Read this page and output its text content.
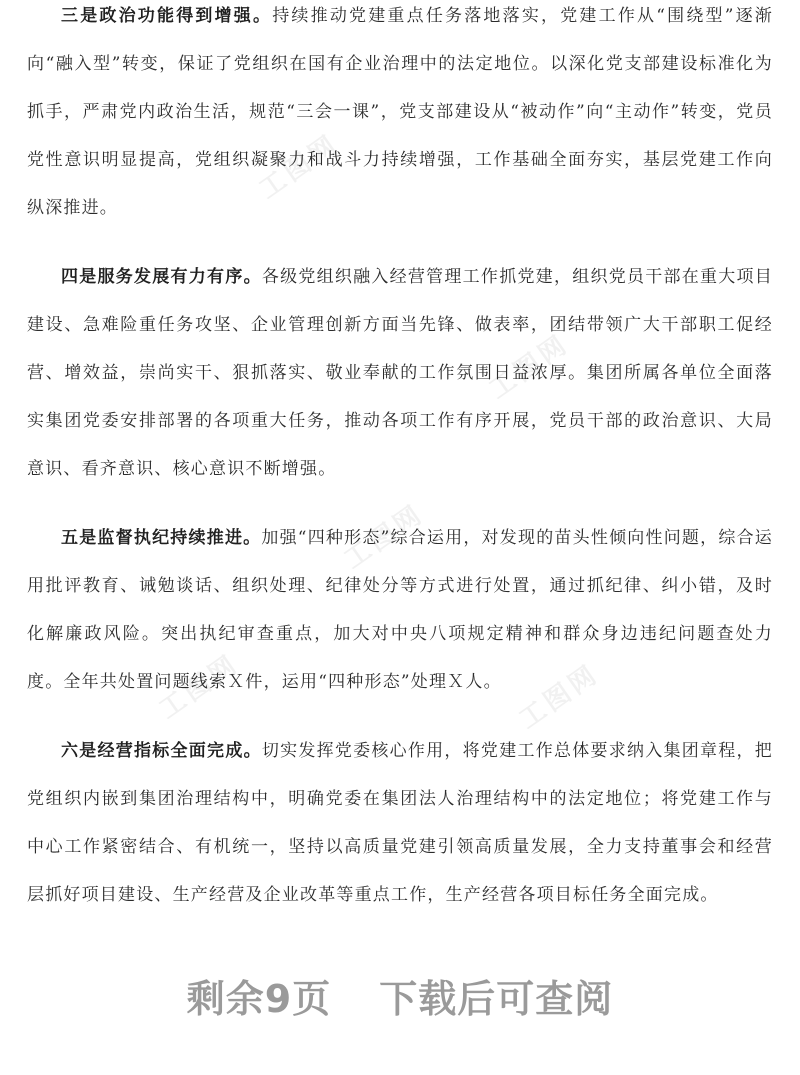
工图网
工图网
工图网
工图网	工图网

三是政治功能得到增强。持续推动党建重点任务落地落实，党建工作从“围绕型”逐渐向“融入型”转变，保证了党组织在国有企业治理中的法定地位。以深化党支部建设标准化为抓手，严肃党内政治生活，规范“三会一课”，党支部建设从“被动作”向“主动作”转变，党员党性意识明显提高，党组织凝聚力和战斗力持续增强，工作基础全面夯实，基层党建工作向纵深推进。

四是服务发展有力有序。各级党组织融入经营管理工作抓党建，组织党员干部在重大项目建设、急难险重任务攻坚、企业管理创新方面当先锋、做表率，团结带领广大干部职工促经营、增效益，崇尚实干、狠抓落实、敬业奉献的工作氛围日益浓厚。集团所属各单位全面落实集团党委安排部署的各项重大任务，推动各项工作有序开展，党员干部的政治意识、大局意识、看齐意识、核心意识不断增强。

五是监督执纪持续推进。加强“四种形态”综合运用，对发现的苗头性倾向性问题，综合运用批评教育、诫勉谈话、组织处理、纪律处分等方式进行处置，通过抓纪律、纠小错，及时化解廉政风险。突出执纪审查重点，加大对中央八项规定精神和群众身边违纪问题查处力度。全年共处置问题线索Ｘ件，运用“四种形态”处理Ｘ人。

六是经营指标全面完成。切实发挥党委核心作用，将党建工作总体要求纳入集团章程，把党组织内嵌到集团治理结构中，明确党委在集团法人治理结构中的法定地位；将党建工作与中心工作紧密结合、有机统一，坚持以高质量党建引领高质量发展，全力支持董事会和经营层抓好项目建设、生产经营及企业改革等重点工作，生产经营各项目标任务全面完成。

剩余9页 下载后可查阅
